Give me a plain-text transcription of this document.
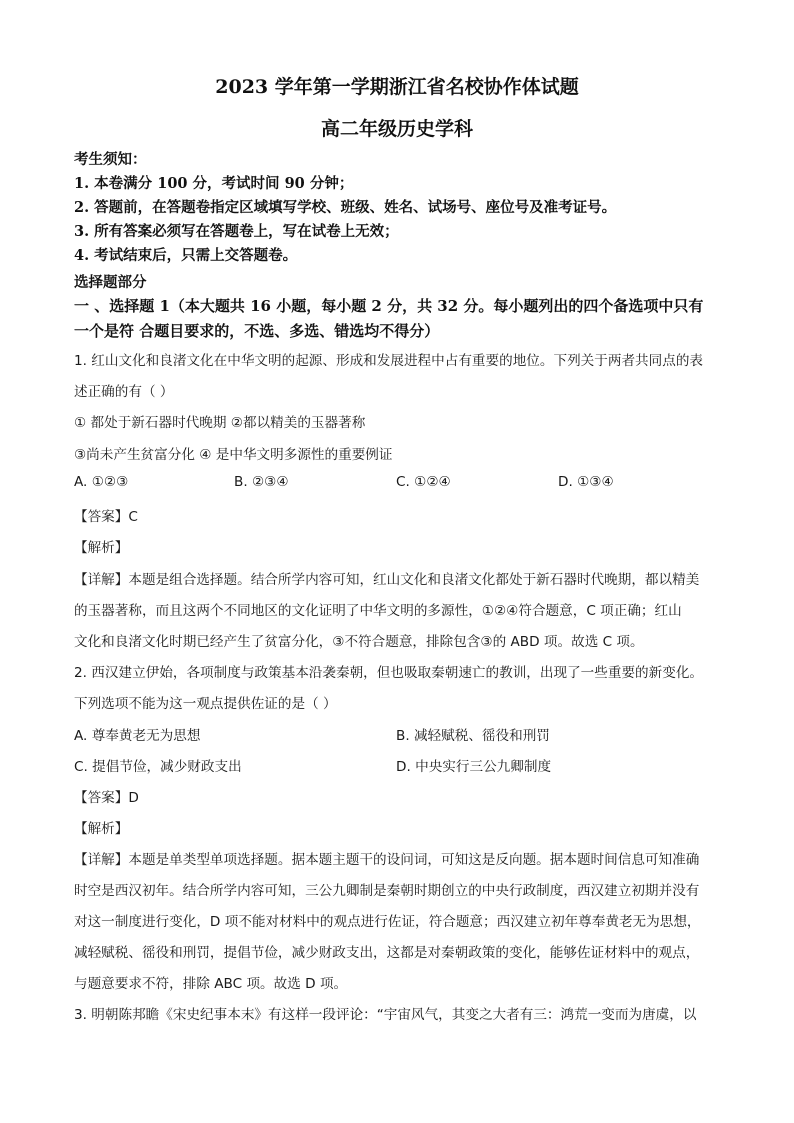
2023 学年第一学期浙江省名校协作体试题
高二年级历史学科
考生须知：
1. 本卷满分 100 分，考试时间 90 分钟；
2. 答题前，在答题卷指定区域填写学校、班级、姓名、试场号、座位号及准考证号。
3. 所有答案必须写在答题卷上，写在试卷上无效；
4. 考试结束后，只需上交答题卷。
选择题部分
一 、选择题 1（本大题共 16 小题，每小题 2 分，共 32 分。每小题列出的四个备选项中只有
一个是符 合题目要求的，不选、多选、错选均不得分）
1. 红山文化和良渚文化在中华文明的起源、形成和发展进程中占有重要的地位。下列关于两者共同点的表
述正确的有（ ）
① 都处于新石器时代晚期 ②都以精美的玉器著称
③尚未产生贫富分化 ④ 是中华文明多源性的重要例证
A. ①②③	B. ②③④	C. ①②④	D. ①③④
【答案】C
【解析】
【详解】本题是组合选择题。结合所学内容可知，红山文化和良渚文化都处于新石器时代晚期，都以精美
的玉器著称，而且这两个不同地区的文化证明了中华文明的多源性，①②④符合题意，C 项正确；红山
文化和良渚文化时期已经产生了贫富分化，③不符合题意，排除包含③的 ABD 项。故选 C 项。
2. 西汉建立伊始，各项制度与政策基本沿袭秦朝，但也吸取秦朝速亡的教训，出现了一些重要的新变化。
下列选项不能为这一观点提供佐证的是（ ）
A. 尊奉黄老无为思想	B. 减轻赋税、徭役和刑罚
C. 提倡节俭，减少财政支出	D. 中央实行三公九卿制度
【答案】D
【解析】
【详解】本题是单类型单项选择题。据本题主题干的设问词，可知这是反向题。据本题时间信息可知准确
时空是西汉初年。结合所学内容可知，三公九卿制是秦朝时期创立的中央行政制度，西汉建立初期并没有
对这一制度进行变化，D 项不能对材料中的观点进行佐证，符合题意；西汉建立初年尊奉黄老无为思想，
减轻赋税、徭役和刑罚，提倡节俭，减少财政支出，这都是对秦朝政策的变化，能够佐证材料中的观点，
与题意要求不符，排除 ABC 项。故选 D 项。
3. 明朝陈邦瞻《宋史纪事本末》有这样一段评论：“宇宙风气，其变之大者有三：鸿荒一变而为唐虞，以
